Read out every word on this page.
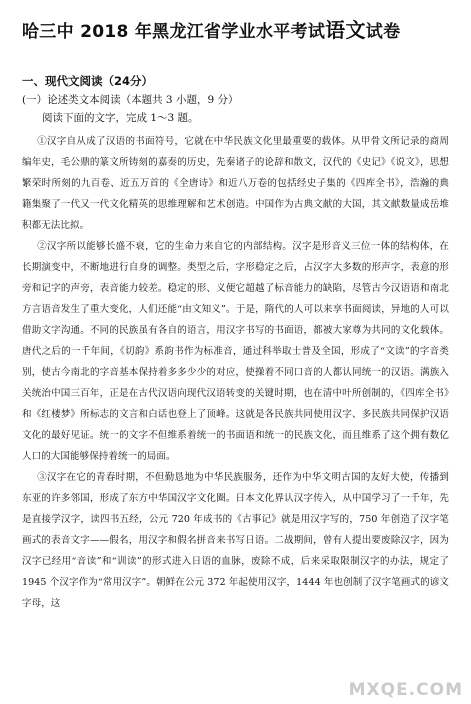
哈三中 2018 年黑龙江省学业水平考试语文试卷
一、现代文阅读（24分）
(一）论述类文本阅读（本题共 3 小题，9 分）
阅读下面的文字，完成 1～3 题。

①汉字自从成了汉语的书面符号，它就在中华民族文化里最重要的载体。从甲骨文所记录的商周编年史，毛公鼎的篆文所铸刻的嘉奏的历史，先秦诸子的论辞和散文，汉代的《史记》《说文》，思想繁荣时所刻的九百卷、近五万首的《全唐诗》和近八万卷的包括经史子集的《四库全书》，浩瀚的典籍集聚了一代又一代文化精英的思维理解和艺术创造。中国作为古典文献的大国，其文献数量成岳堆积都无法比拟。

②汉字所以能够长盛不衰，它的生命力来自它的内部结构。汉字是形音义三位一体的结构体，在长期演变中，不断地进行自身的调整。类型之后，字形稳定之后，占汉字大多数的形声字，表意的形旁和记字的声旁，表音能力较差。稳定的形、义便它超越了标音能力的缺陷，尽管古今汉语语和南北方言语音发生了重大变化，人们还能“由文知义”。于是，隋代的人可以来享书面阅读，异地的人可以借助文字沟通。不同的民族虽有各自的语言，用汉字书写的书面语，都被大家尊为共同的文化载体。唐代之后的一千年间，《切韵》系韵书作为标准音，通过科举取士普及全国，形成了“文读”的字音类别，使古今南北的字音基本保持着多多少少的对应，使操着不同口音的人都认同统一的汉语。满族入关统治中国三百年，正是在古代汉语向现代汉语转变的关键时期，也在清中叶所创制的，《四库全书》和《红楼梦》所标志的文言和白话也登上了顶峰。这就是各民族共同使用汉字、多民族共同保护汉语文化的最好见证。统一的文字不但维系着统一的书面语和统一的民族文化，而且维系了这个拥有数亿人口的大国能够保持着统一的局面。

③汉字在它的青春时期，不但勤恳地为中华民族服务，还作为中华文明古国的友好大使，传播到东亚的许多邻国，形成了东方中华国汉字文化圈。日本文化界认汉字传入，从中国学习了一千年，先是直接学汉字，读四书五经，公元 720 年成书的《古事记》就是用汉字写的，750 年创造了汉字笔画式的表音文字——假名，用汉字和假名拼音来书写日语。二战期间，曾有人提出要废除汉字，因为汉字已经用“音读”和“训读”的形式进入日语的血脉，废除不成，后来采取限制汉字的办法，规定了 1945 个汉字作为“常用汉字”。朝鲜在公元 372 年起使用汉字，1444 年也创制了汉字笔画式的谚文字母，这

MXQE.COM
